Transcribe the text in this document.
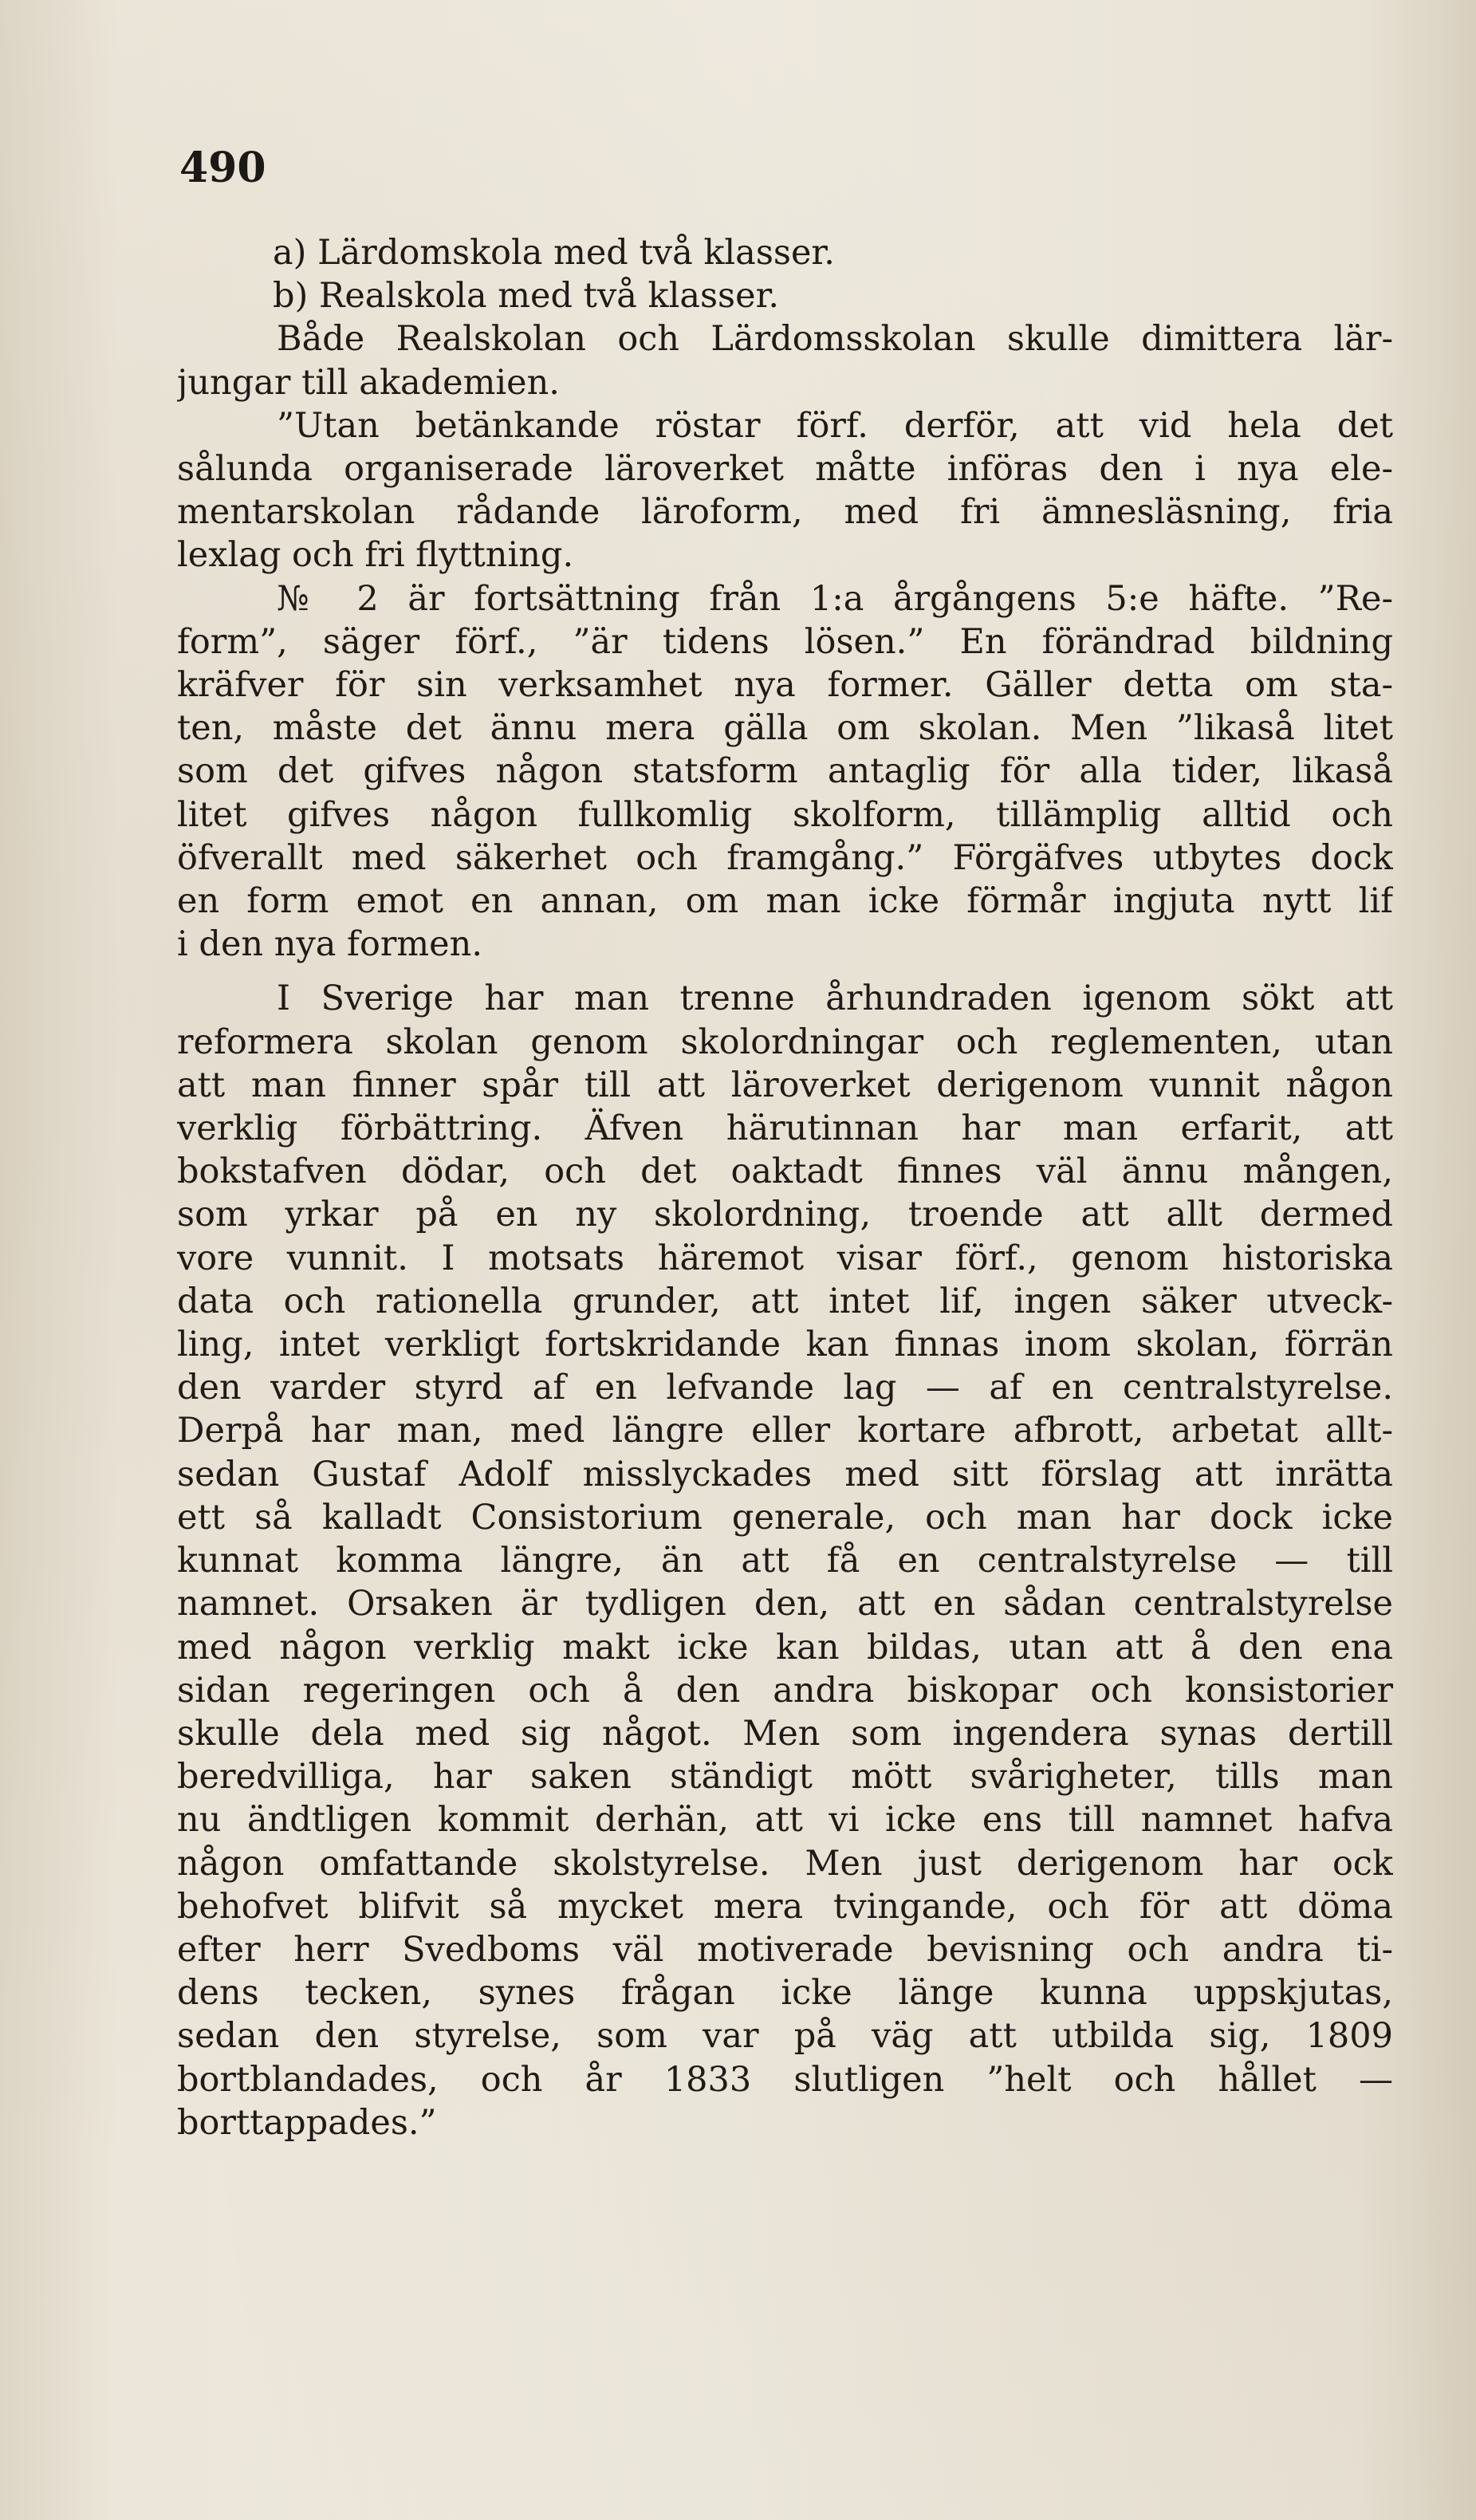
490
a) Lärdomskola med två klasser.
b) Realskola med två klasser.
Både Realskolan och Lärdomsskolan skulle dimittera lär-
jungar till akademien.
”Utan betänkande röstar förf. derför, att vid hela det
sålunda organiserade läroverket måtte införas den i nya ele-
mentarskolan rådande läroform, med fri ämnesläsning, fria
lexlag och fri flyttning.
№ 2 är fortsättning från 1:a årgångens 5:e häfte. ”Re-
form”, säger förf., ”är tidens lösen.” En förändrad bildning
kräfver för sin verksamhet nya former. Gäller detta om sta-
ten, måste det ännu mera gälla om skolan. Men ”likaså litet
som det gifves någon statsform antaglig för alla tider, likaså
litet gifves någon fullkomlig skolform, tillämplig alltid och
öfverallt med säkerhet och framgång.” Förgäfves utbytes dock
en form emot en annan, om man icke förmår ingjuta nytt lif
i den nya formen.
I Sverige har man trenne århundraden igenom sökt att
reformera skolan genom skolordningar och reglementen, utan
att man finner spår till att läroverket derigenom vunnit någon
verklig förbättring. Äfven härutinnan har man erfarit, att
bokstafven dödar, och det oaktadt finnes väl ännu mången,
som yrkar på en ny skolordning, troende att allt dermed
vore vunnit. I motsats häremot visar förf., genom historiska
data och rationella grunder, att intet lif, ingen säker utveck-
ling, intet verkligt fortskridande kan finnas inom skolan, förrän
den varder styrd af en lefvande lag — af en centralstyrelse.
Derpå har man, med längre eller kortare afbrott, arbetat allt-
sedan Gustaf Adolf misslyckades med sitt förslag att inrätta
ett så kalladt Consistorium generale, och man har dock icke
kunnat komma längre, än att få en centralstyrelse — till
namnet. Orsaken är tydligen den, att en sådan centralstyrelse
med någon verklig makt icke kan bildas, utan att å den ena
sidan regeringen och å den andra biskopar och konsistorier
skulle dela med sig något. Men som ingendera synas dertill
beredvilliga, har saken ständigt mött svårigheter, tills man
nu ändtligen kommit derhän, att vi icke ens till namnet hafva
någon omfattande skolstyrelse. Men just derigenom har ock
behofvet blifvit så mycket mera tvingande, och för att döma
efter herr Svedboms väl motiverade bevisning och andra ti-
dens tecken, synes frågan icke länge kunna uppskjutas,
sedan den styrelse, som var på väg att utbilda sig, 1809
bortblandades, och år 1833 slutligen ”helt och hållet —
borttappades.”
